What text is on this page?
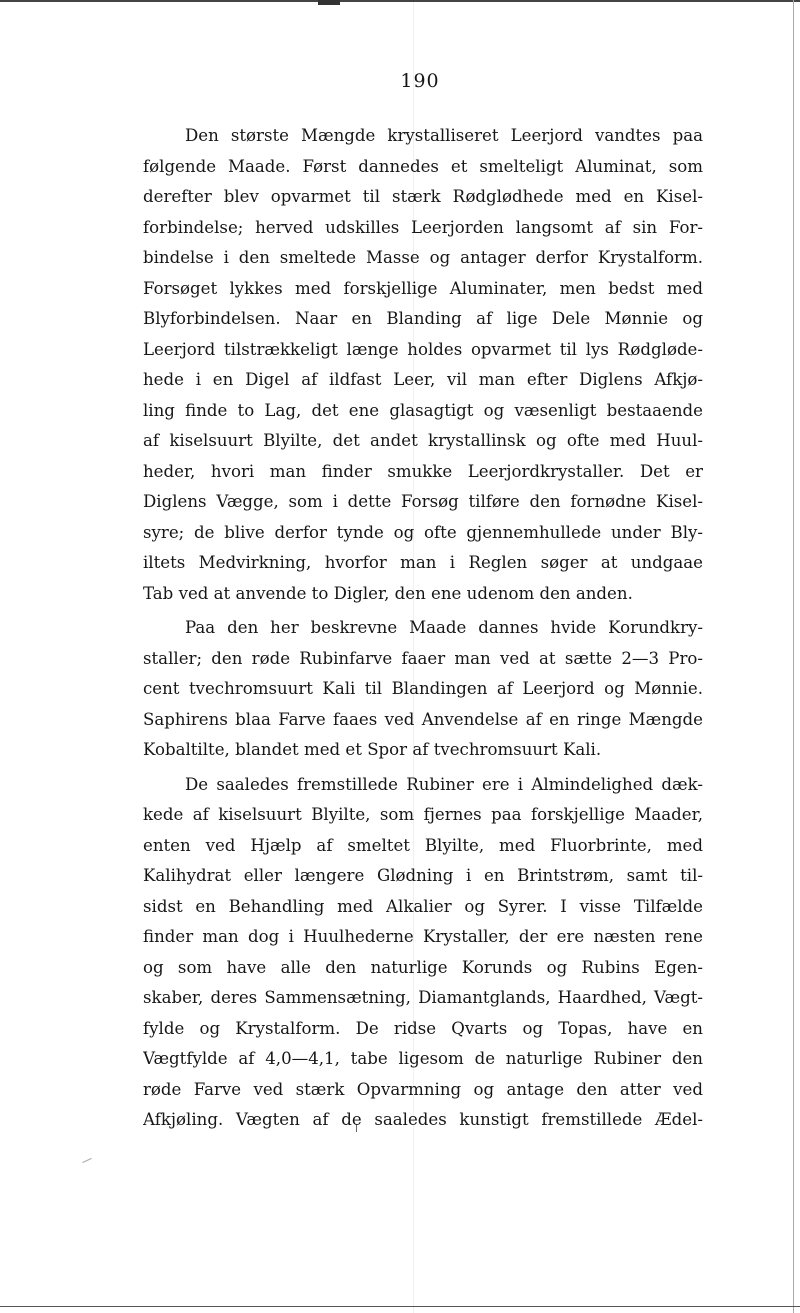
190
Den største Mængde krystalliseret Leerjord vandtes paa
følgende Maade. Først dannedes et smelteligt Aluminat, som
derefter blev opvarmet til stærk Rødglødhede med en Kisel-
forbindelse; herved udskilles Leerjorden langsomt af sin For-
bindelse i den smeltede Masse og antager derfor Krystalform.
Forsøget lykkes med forskjellige Aluminater, men bedst med
Blyforbindelsen. Naar en Blanding af lige Dele Mønnie og
Leerjord tilstrækkeligt længe holdes opvarmet til lys Rødgløde-
hede i en Digel af ildfast Leer, vil man efter Diglens Afkjø-
ling finde to Lag, det ene glasagtigt og væsenligt bestaaende
af kiselsuurt Blyilte, det andet krystallinsk og ofte med Huul-
heder, hvori man finder smukke Leerjordkrystaller. Det er
Diglens Vægge, som i dette Forsøg tilføre den fornødne Kisel-
syre; de blive derfor tynde og ofte gjennemhullede under Bly-
iltets Medvirkning, hvorfor man i Reglen søger at undgaae
Tab ved at anvende to Digler, den ene udenom den anden.
Paa den her beskrevne Maade dannes hvide Korundkry-
staller; den røde Rubinfarve faaer man ved at sætte 2—3 Pro-
cent tvechromsuurt Kali til Blandingen af Leerjord og Mønnie.
Saphirens blaa Farve faaes ved Anvendelse af en ringe Mængde
Kobaltilte, blandet med et Spor af tvechromsuurt Kali.
De saaledes fremstillede Rubiner ere i Almindelighed dæk-
kede af kiselsuurt Blyilte, som fjernes paa forskjellige Maader,
enten ved Hjælp af smeltet Blyilte, med Fluorbrinte, med
Kalihydrat eller længere Glødning i en Brintstrøm, samt til-
sidst en Behandling med Alkalier og Syrer. I visse Tilfælde
finder man dog i Huulhederne Krystaller, der ere næsten rene
og som have alle den naturlige Korunds og Rubins Egen-
skaber, deres Sammensætning, Diamantglands, Haardhed, Vægt-
fylde og Krystalform. De ridse Qvarts og Topas, have en
Vægtfylde af 4,0—4,1, tabe ligesom de naturlige Rubiner den
røde Farve ved stærk Opvarmning og antage den atter ved
Afkjøling. Vægten af de saaledes kunstigt fremstillede Ædel-
